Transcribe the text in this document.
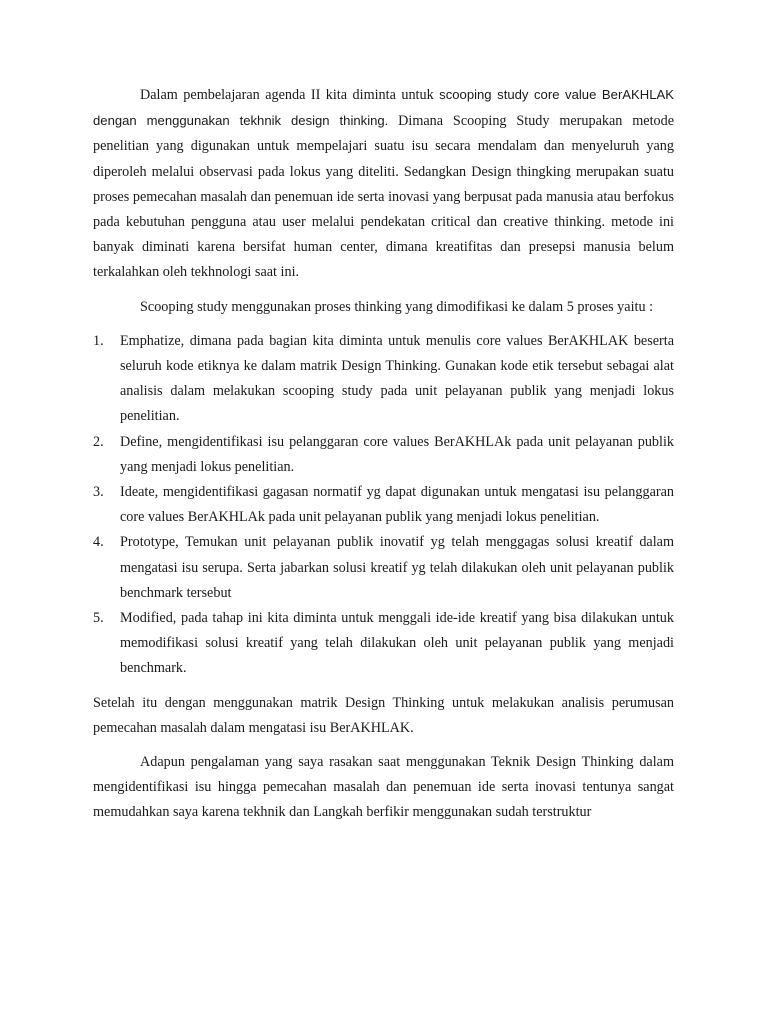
Dalam pembelajaran agenda II kita diminta untuk scooping study core value BerAKHLAK dengan menggunakan tekhnik design thinking. Dimana Scooping Study merupakan metode penelitian yang digunakan untuk mempelajari suatu isu secara mendalam dan menyeluruh yang diperoleh melalui observasi pada lokus yang diteliti. Sedangkan Design thingking merupakan suatu proses pemecahan masalah dan penemuan ide serta inovasi yang berpusat pada manusia atau berfokus pada kebutuhan pengguna atau user melalui pendekatan critical dan creative thinking. metode ini banyak diminati karena bersifat human center, dimana kreatifitas dan presepsi manusia belum terkalahkan oleh tekhnologi saat ini.

Scooping study menggunakan proses thinking yang dimodifikasi ke dalam 5 proses yaitu :

1. Emphatize, dimana pada bagian kita diminta untuk menulis core values BerAKHLAK beserta seluruh kode etiknya ke dalam matrik Design Thinking. Gunakan kode etik tersebut sebagai alat analisis dalam melakukan scooping study pada unit pelayanan publik yang menjadi lokus penelitian.
2. Define, mengidentifikasi isu pelanggaran core values BerAKHLAk pada unit pelayanan publik yang menjadi lokus penelitian.
3. Ideate, mengidentifikasi gagasan normatif yg dapat digunakan untuk mengatasi isu pelanggaran core values BerAKHLAk pada unit pelayanan publik yang menjadi lokus penelitian.
4. Prototype, Temukan unit pelayanan publik inovatif yg telah menggagas solusi kreatif dalam mengatasi isu serupa. Serta jabarkan solusi kreatif yg telah dilakukan oleh unit pelayanan publik benchmark tersebut
5. Modified, pada tahap ini kita diminta untuk menggali ide-ide kreatif yang bisa dilakukan untuk memodifikasi solusi kreatif yang telah dilakukan oleh unit pelayanan publik yang menjadi benchmark.

Setelah itu dengan menggunakan matrik Design Thinking untuk melakukan analisis perumusan pemecahan masalah dalam mengatasi isu BerAKHLAK.

Adapun pengalaman yang saya rasakan saat menggunakan Teknik Design Thinking dalam mengidentifikasi isu hingga pemecahan masalah dan penemuan ide serta inovasi tentunya sangat memudahkan saya karena tekhnik dan Langkah berfikir menggunakan sudah terstruktur
